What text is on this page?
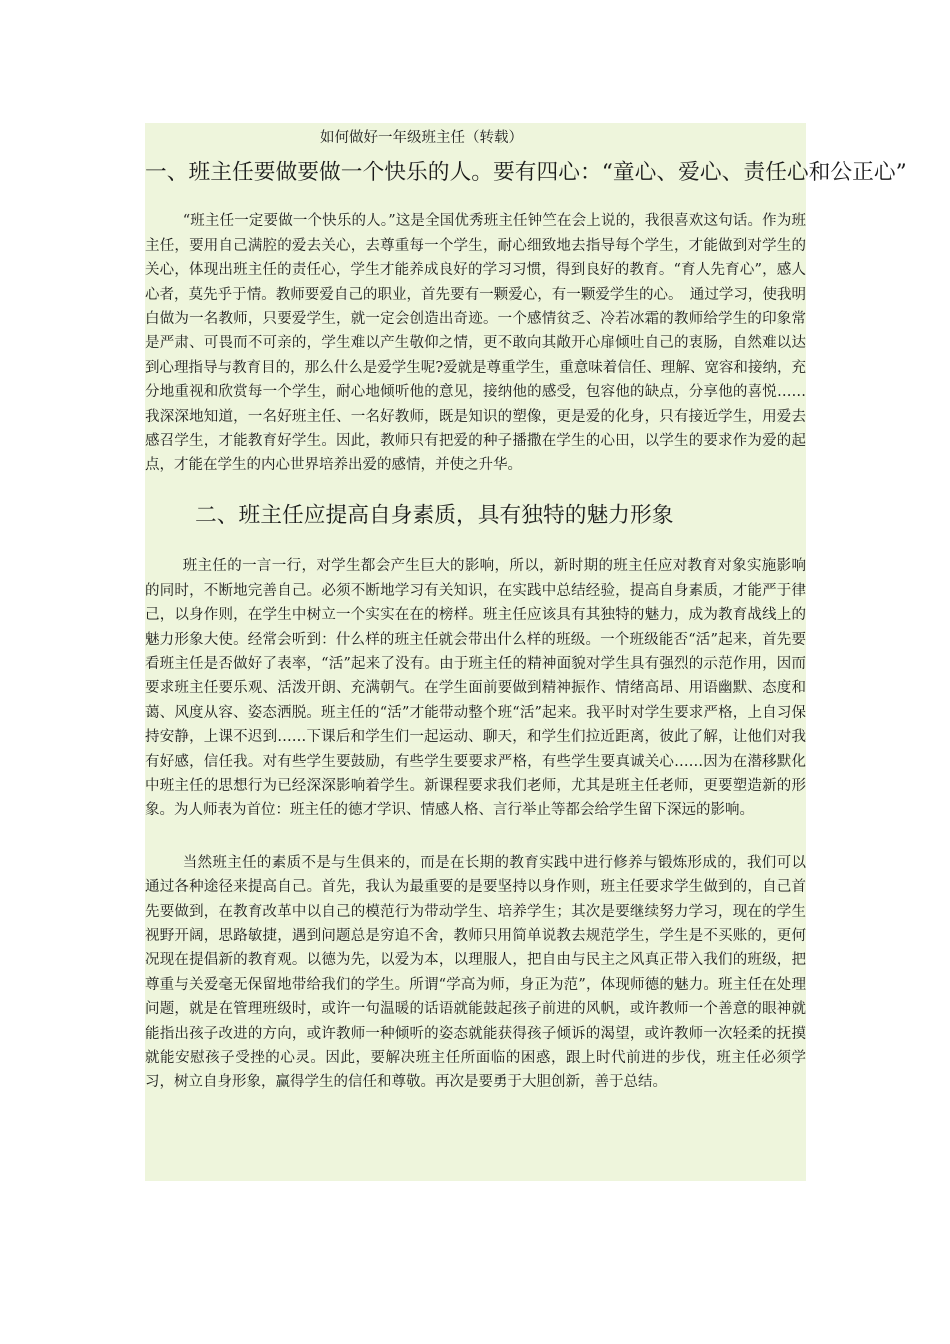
如何做好一年级班主任（转载）
一、班主任要做要做一个快乐的人。要有四心：“童心、爱心、责任心和公正心”

“班主任一定要做一个快乐的人。”这是全国优秀班主任钟竺在会上说的，我很喜欢这句话。作为班主任，要用自己满腔的爱去关心，去尊重每一个学生，耐心细致地去指导每个学生，才能做到对学生的关心，体现出班主任的责任心，学生才能养成良好的学习习惯，得到良好的教育。“育人先育心”，感人心者，莫先乎于情。教师要爱自己的职业，首先要有一颗爱心，有一颗爱学生的心。　通过学习，使我明白做为一名教师，只要爱学生，就一定会创造出奇迹。一个感情贫乏、冷若冰霜的教师给学生的印象常是严肃、可畏而不可亲的，学生难以产生敬仰之情，更不敢向其敞开心扉倾吐自己的衷肠，自然难以达到心理指导与教育目的，那么什么是爱学生呢?爱就是尊重学生，重意味着信任、理解、宽容和接纳，充分地重视和欣赏每一个学生，耐心地倾听他的意见，接纳他的感受，包容他的缺点，分享他的喜悦……我深深地知道，一名好班主任、一名好教师，既是知识的塑像，更是爱的化身，只有接近学生，用爱去感召学生，才能教育好学生。因此，教师只有把爱的种子播撒在学生的心田，以学生的要求作为爱的起点，才能在学生的内心世界培养出爱的感情，并使之升华。

二、班主任应提高自身素质，具有独特的魅力形象

班主任的一言一行，对学生都会产生巨大的影响，所以，新时期的班主任应对教育对象实施影响的同时，不断地完善自己。必须不断地学习有关知识，在实践中总结经验，提高自身素质，才能严于律己，以身作则，在学生中树立一个实实在在的榜样。班主任应该具有其独特的魅力，成为教育战线上的魅力形象大使。经常会听到：什么样的班主任就会带出什么样的班级。一个班级能否“活”起来，首先要看班主任是否做好了表率，“活”起来了没有。由于班主任的精神面貌对学生具有强烈的示范作用，因而要求班主任要乐观、活泼开朗、充满朝气。在学生面前要做到精神振作、情绪高昂、用语幽默、态度和蔼、风度从容、姿态洒脱。班主任的“活”才能带动整个班“活”起来。我平时对学生要求严格，上自习保持安静，上课不迟到……下课后和学生们一起运动、聊天，和学生们拉近距离，彼此了解，让他们对我有好感，信任我。对有些学生要鼓励，有些学生要要求严格，有些学生要真诚关心……因为在潜移默化中班主任的思想行为已经深深影响着学生。新课程要求我们老师，尤其是班主任老师，更要塑造新的形象。为人师表为首位：班主任的德才学识、情感人格、言行举止等都会给学生留下深远的影响。

当然班主任的素质不是与生俱来的，而是在长期的教育实践中进行修养与锻炼形成的，我们可以通过各种途径来提高自己。首先，我认为最重要的是要坚持以身作则，班主任要求学生做到的，自己首先要做到，在教育改革中以自己的模范行为带动学生、培养学生；其次是要继续努力学习，现在的学生视野开阔，思路敏捷，遇到问题总是穷追不舍，教师只用简单说教去规范学生，学生是不买账的，更何况现在提倡新的教育观。以德为先，以爱为本，以理服人，把自由与民主之风真正带入我们的班级，把尊重与关爱毫无保留地带给我们的学生。所谓“学高为师，身正为范”，体现师德的魅力。班主任在处理问题，就是在管理班级时，或许一句温暖的话语就能鼓起孩子前进的风帆，或许教师一个善意的眼神就能指出孩子改进的方向，或许教师一种倾听的姿态就能获得孩子倾诉的渴望，或许教师一次轻柔的抚摸就能安慰孩子受挫的心灵。因此，要解决班主任所面临的困惑，跟上时代前进的步伐，班主任必须学习，树立自身形象，赢得学生的信任和尊敬。再次是要勇于大胆创新，善于总结。
